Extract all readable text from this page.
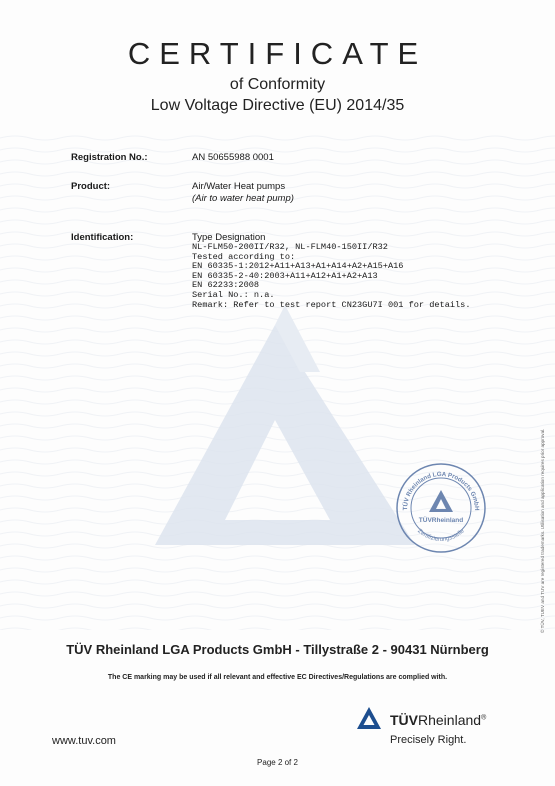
CERTIFICATE
of Conformity
Low Voltage Directive (EU) 2014/35
Registration No.:	AN 50655988 0001
Product:	Air/Water Heat pumps
(Air to water heat pump)
Identification:	Type Designation
NL-FLM50-200II/R32, NL-FLM40-150II/R32
Tested according to:
EN 60335-1:2012+A11+A13+A1+A14+A2+A15+A16
EN 60335-2-40:2003+A11+A12+A1+A2+A13
EN 62233:2008
Serial No.: n.a.
Remark: Refer to test report CN23GU7I 001 for details.
TÜV Rheinland LGA Products GmbH
Zertifizierungsstelle
TÜVRheinland	© TÜV, TUEV and TUV are registered trademarks. Utilisation and application requires prior approval.
TÜV Rheinland LGA Products GmbH - Tillystraße 2 - 90431 Nürnberg
The CE marking may be used if all relevant and effective EC Directives/Regulations are complied with.
www.tuv.com
TÜVRheinland®
Precisely Right.
Page 2 of 2
